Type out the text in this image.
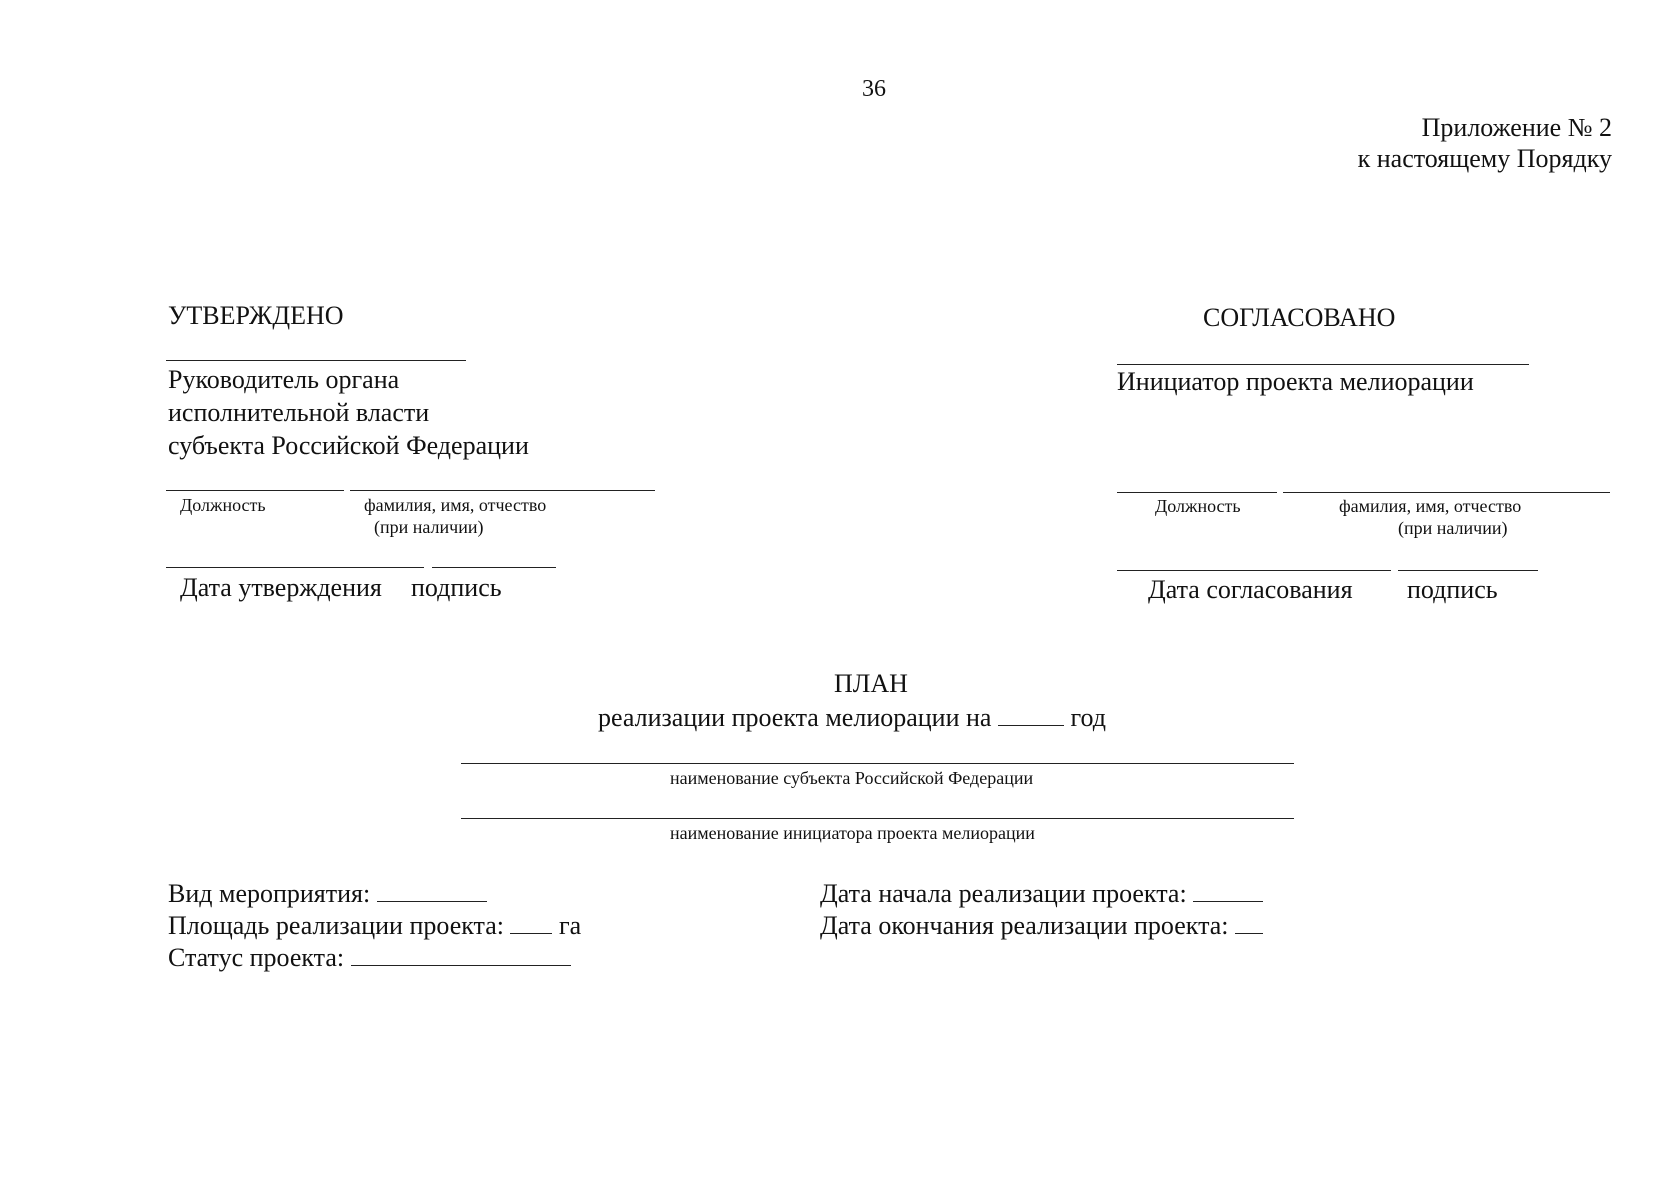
36
Приложение № 2
к настоящему Порядку
УТВЕРЖДЕНО
Руководитель органа
исполнительной власти
субъекта Российской Федерации
Должность	фамилия, имя, отчество
(при наличии)
Дата утверждения подпись
СОГЛАСОВАНО
Инициатор проекта мелиорации
Должность	фамилия, имя, отчество
(при наличии)
Дата согласования подпись
ПЛАН
реализации проекта мелиорации на	год
наименование субъекта Российской Федерации
наименование инициатора проекта мелиорации
Вид мероприятия:
Площадь реализации проекта: га
Статус проекта:
Дата начала реализации проекта:
Дата окончания реализации проекта:
